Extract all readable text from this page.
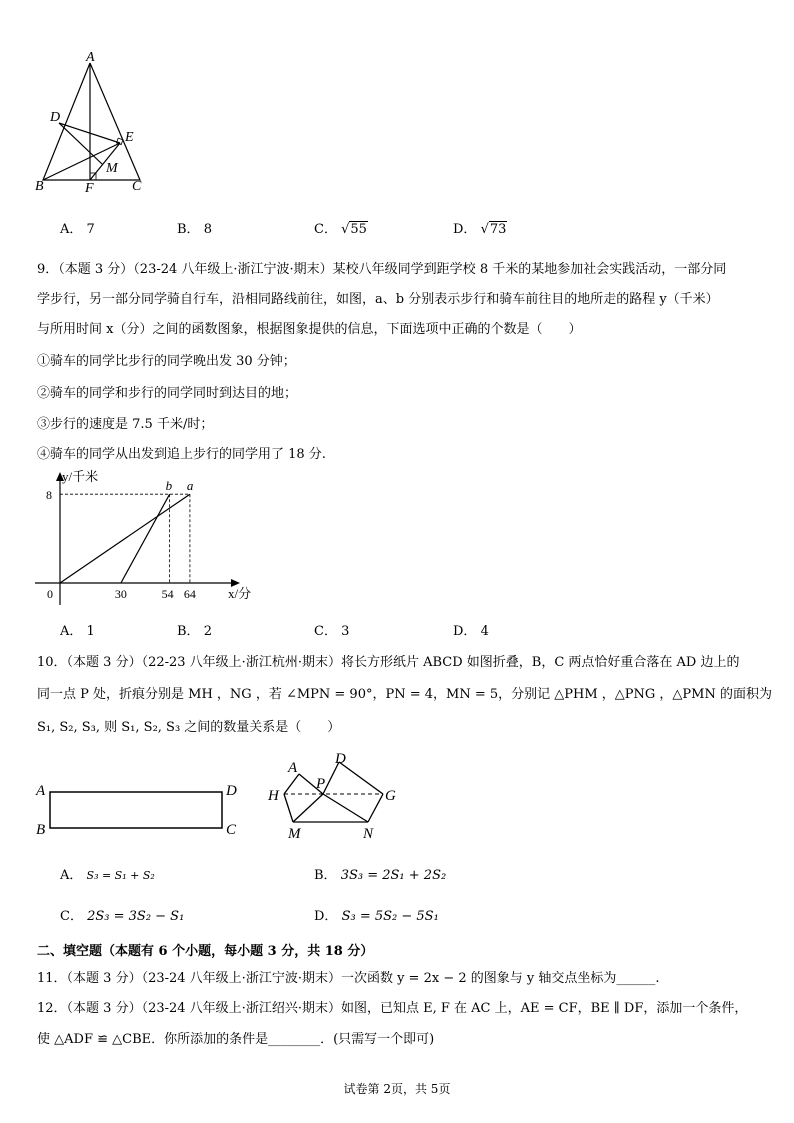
A
D
E
M
B	F	C
A． 7	B． 8	C． √55	D． √73
9．（本题 3 分）（23-24 八年级上·浙江宁波·期末）某校八年级同学到距学校 8 千米的某地参加社会实践活动，一部分同
学步行，另一部分同学骑自行车，沿相同路线前往，如图，a、b 分别表示步行和骑车前往目的地所走的路程 y（千米）
与所用时间 x（分）之间的函数图象，根据图象提供的信息，下面选项中正确的个数是（　　）
①骑车的同学比步行的同学晚出发 30 分钟；
②骑车的同学和步行的同学同时到达目的地；
③步行的速度是 7.5 千米/时；
④骑车的同学从出发到追上步行的同学用了 18 分.
y/千米
x/分
8
0	30	54 64
a
b
A． 1	B． 2	C． 3	D． 4
10．（本题 3 分）（22-23 八年级上·浙江杭州·期末）将长方形纸片 ABCD 如图折叠，B，C 两点恰好重合落在 AD 边上的
同一点 P 处，折痕分别是 MH ，NG ，若 ∠MPN = 90°，PN = 4，MN = 5，分别记 △PHM ，△PNG ，△PMN 的面积为
S₁, S₂, S₃, 则 S₁, S₂, S₃ 之间的数量关系是（　　）
A	D
B	C
A
D
H
P
G
M	N
A． S₃ = S₁ + S₂	B． 3S₃ = 2S₁ + 2S₂
C． 2S₃ = 3S₂ − S₁	D． S₃ = 5S₂ − 5S₁
二、填空题（本题有 6 个小题，每小题 3 分，共 18 分）
11．（本题 3 分）（23-24 八年级上·浙江宁波·期末）一次函数 y = 2x − 2 的图象与 y 轴交点坐标为______.
12．（本题 3 分）（23-24 八年级上·浙江绍兴·期末）如图，已知点 E, F 在 AC 上，AE = CF，BE ∥ DF，添加一个条件，
使 △ADF ≌ △CBE．你所添加的条件是________．(只需写一个即可)
试卷第 2页，共 5页
